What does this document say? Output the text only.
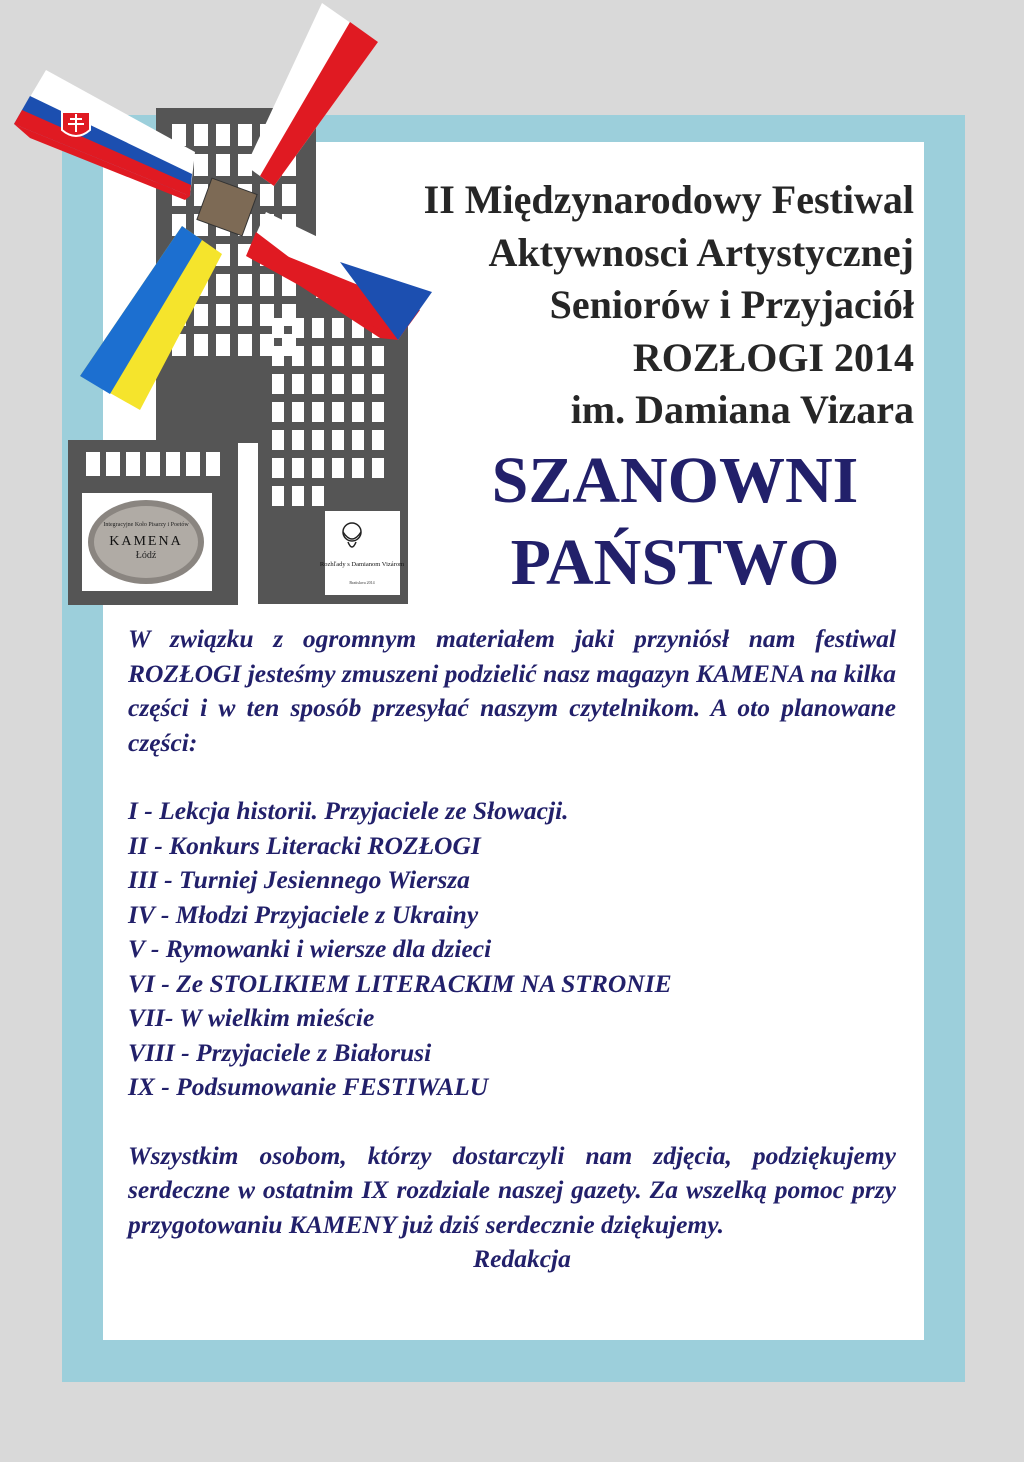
Integracyjne Koło Pisarzy i Poetów
KAMENA
Łódź
Rozhľady s Damianom Vizárom
Bratislava 2014
II Międzynarodowy Festiwal
Aktywnosci Artystycznej
Seniorów i Przyjaciół
ROZŁOGI 2014
im. Damiana Vizara
SZANOWNI
PAŃSTWO

W związku z ogromnym materiałem jaki przyniósł nam festiwal ROZŁOGI jesteśmy zmuszeni podzielić nasz magazyn KAMENA na kilka części i w ten sposób przesyłać naszym czytelnikom. A oto planowane części:

I - Lekcja historii. Przyjaciele ze Słowacji.
II - Konkurs Literacki ROZŁOGI
III - Turniej Jesiennego Wiersza
IV - Młodzi Przyjaciele z Ukrainy
V - Rymowanki i wiersze dla dzieci
VI - Ze STOLIKIEM LITERACKIM NA STRONIE
VII- W wielkim mieście
VIII - Przyjaciele z Białorusi
IX - Podsumowanie FESTIWALU

Wszystkim osobom, którzy dostarczyli nam zdjęcia, podziękujemy serdeczne w ostatnim IX rozdziale naszej gazety. Za wszelką pomoc przy przygotowaniu KAMENY już dziś serdecznie dziękujemy.

Redakcja
